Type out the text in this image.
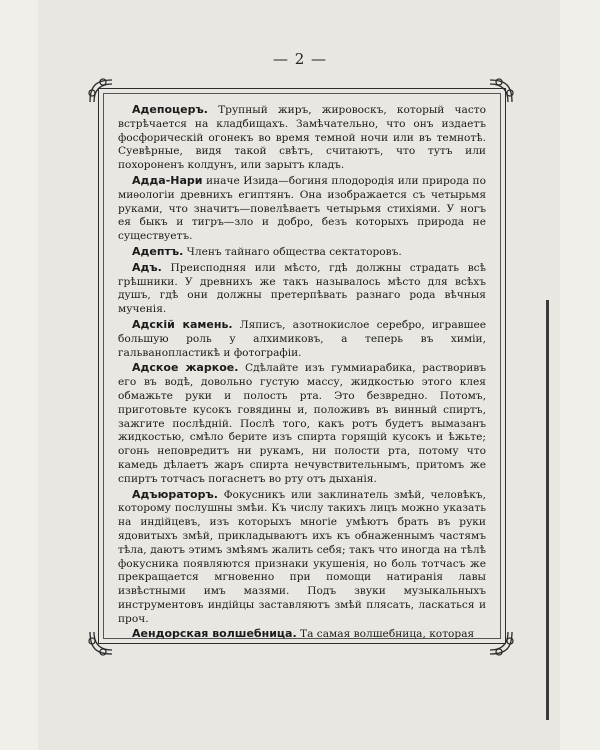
— 2 —

Адепоцеръ. Трупный жиръ, жировоскъ, который часто встрѣчается на кладбищахъ. Замѣчательно, что онъ издаетъ фосфорическій огонекъ во время темной ночи или въ темнотѣ. Суевѣрные, видя такой свѣтъ, считаютъ, что тутъ или похороненъ колдунъ, или зарытъ кладъ.

Адда-Нари иначе Изида—богиня плодородія или природа по миѳологіи древнихъ египтянъ. Она изображается съ четырьмя руками, что значитъ—повелѣваетъ четырьмя стихіями. У ногъ ея быкъ и тигръ—зло и добро, безъ которыхъ природа не существуетъ.

Адептъ. Членъ тайнаго общества сектаторовъ.

Адъ. Преисподняя или мѣсто, гдѣ должны страдать всѣ грѣшники. У древнихъ же такъ называлось мѣсто для всѣхъ душъ, гдѣ они должны претерпѣвать разнаго рода вѣчныя мученія.

Адскій камень. Ляписъ, азотнокислое серебро, игравшее большую роль у алхимиковъ, а теперь въ химіи, гальванопластикѣ и фотографіи.

Адское жаркое. Сдѣлайте изъ гуммиарабика, растворивъ его въ водѣ, довольно густую массу, жидкостью этого клея обмажьте руки и полость рта. Это безвредно. Потомъ, приготовьте кусокъ говядины и, положивъ въ винный спиртъ, зажгите послѣдній. Послѣ того, какъ ротъ будетъ вымазанъ жидкостью, смѣло берите изъ спирта горящій кусокъ и ѣжьте; огонь неповредитъ ни рукамъ, ни полости рта, потому что камедь дѣлаетъ жаръ спирта нечувствительнымъ, притомъ же спиртъ тотчасъ погаснетъ во рту отъ дыханія.

Адъюраторъ. Фокусникъ или заклинатель змѣй, человѣкъ, которому послушны змѣи. Къ числу такихъ лицъ можно указать на индійцевъ, изъ которыхъ многіе умѣютъ брать въ руки ядовитыхъ змѣй, прикладываютъ ихъ къ обнаженнымъ частямъ тѣла, даютъ этимъ змѣямъ жалить себя; такъ что иногда на тѣлѣ фокусника появляются признаки укушенія, но боль тотчасъ же прекращается мгновенно при помощи натиранія лавы извѣстными имъ мазями. Подъ звуки музыкальныхъ инструментовъ индійцы заставляютъ змѣй плясать, ласкаться и проч.

Аендорская волшебница. Та самая волшебница, которая
